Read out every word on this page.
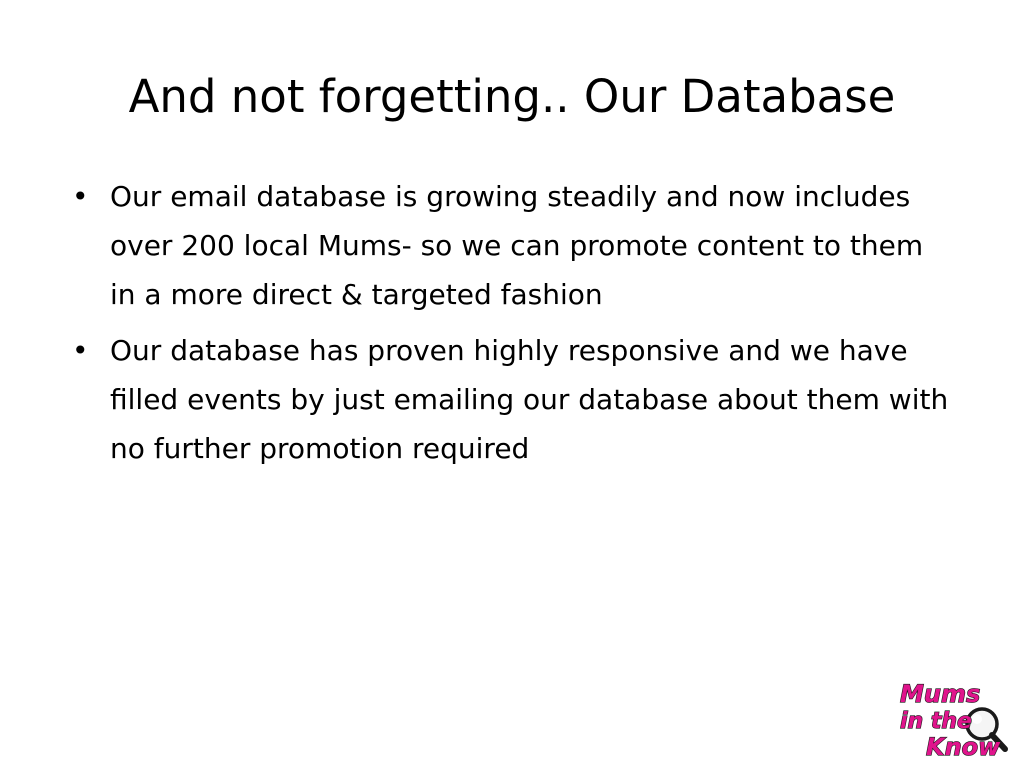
And not forgetting.. Our Database
• Our email database is growing steadily and now includes over 200 local Mums- so we can promote content to them in a more direct & targeted fashion
• Our database has proven highly responsive and we have filled events by just emailing our database about them with no further promotion required
Mums
in the
Know
